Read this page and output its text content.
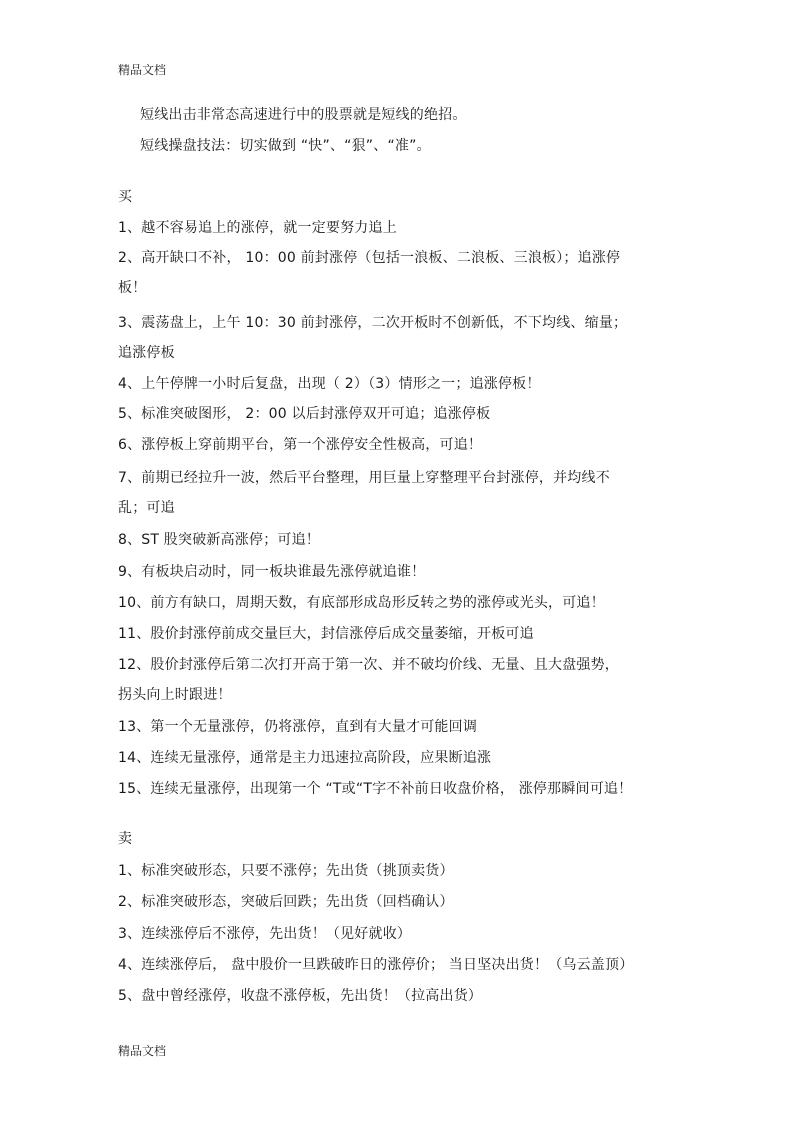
精品文档
短线出击非常态高速进行中的股票就是短线的绝招。
短线操盘技法：切实做到 “快”、“狠”、“准”。
买
1、越不容易追上的涨停，就一定要努力追上
2、高开缺口不补， 10：00 前封涨停（包括一浪板、二浪板、三浪板）；追涨停
板！
3、震荡盘上，上午 10：30 前封涨停，二次开板时不创新低，不下均线、缩量；
追涨停板
4、上午停牌一小时后复盘，出现（ 2）（3）情形之一；追涨停板！
5、标准突破图形， 2：00 以后封涨停双开可追；追涨停板
6、涨停板上穿前期平台，第一个涨停安全性极高，可追！
7、前期已经拉升一波，然后平台整理，用巨量上穿整理平台封涨停，并均线不
乱；可追
8、ST 股突破新高涨停；可追！
9、有板块启动时，同一板块谁最先涨停就追谁！
10、前方有缺口，周期天数，有底部形成岛形反转之势的涨停或光头，可追！
11、股价封涨停前成交量巨大，封信涨停后成交量萎缩，开板可追
12、股价封涨停后第二次打开高于第一次、并不破均价线、无量、且大盘强势，
拐头向上时跟进！
13、第一个无量涨停，仍将涨停，直到有大量才可能回调
14、连续无量涨停，通常是主力迅速拉高阶段，应果断追涨
15、连续无量涨停，出现第一个 “T或“T字不补前日收盘价格， 涨停那瞬间可追！
卖
1、标准突破形态，只要不涨停；先出货（挑顶卖货）
2、标准突破形态，突破后回跌；先出货（回档确认）
3、连续涨停后不涨停，先出货！（见好就收）
4、连续涨停后， 盘中股价一旦跌破昨日的涨停价； 当日坚决出货！（乌云盖顶）
5、盘中曾经涨停，收盘不涨停板，先出货！（拉高出货）
精品文档
